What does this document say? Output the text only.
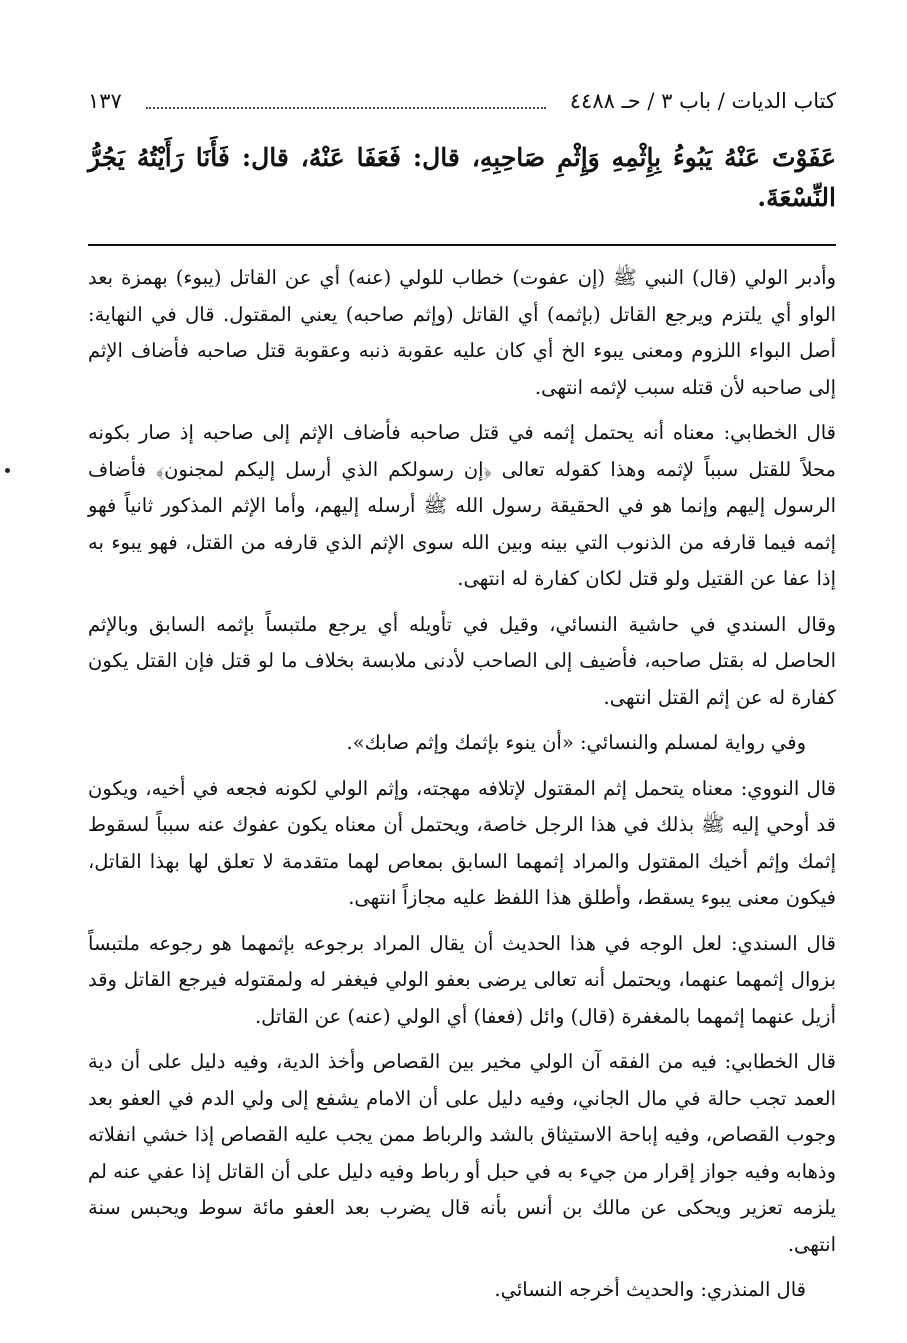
كتاب الديات / باب ٣ / حـ ٤٤٨٨
١٣٧
عَفَوْتَ عَنْهُ يَبُوءُ بِإِثْمِهِ وَإِثْمِ صَاحِبِهِ، قال: فَعَفَا عَنْهُ، قال: فَأَنَا رَأَيْتُهُ يَجُرُّ النِّسْعَةَ.

وأدبر الولي (قال) النبي ﷺ (إن عفوت) خطاب للولي (عنه) أي عن القاتل (يبوء) بهمزة بعد الواو أي يلتزم ويرجع القاتل (بإثمه) أي القاتل (وإثم صاحبه) يعني المقتول. قال في النهاية: أصل البواء اللزوم ومعنى يبوء الخ أي كان عليه عقوبة ذنبه وعقوبة قتل صاحبه فأضاف الإثم إلى صاحبه لأن قتله سبب لإثمه انتهى.

قال الخطابي: معناه أنه يحتمل إثمه في قتل صاحبه فأضاف الإثم إلى صاحبه إذ صار بكونه محلاً للقتل سبباً لإثمه وهذا كقوله تعالى ﴿إن رسولكم الذي أرسل إليكم لمجنون﴾ فأضاف الرسول إليهم وإنما هو في الحقيقة رسول الله ﷺ أرسله إليهم، وأما الإثم المذكور ثانياً فهو إثمه فيما قارفه من الذنوب التي بينه وبين الله سوى الإثم الذي قارفه من القتل، فهو يبوء به إذا عفا عن القتيل ولو قتل لكان كفارة له انتهى.

وقال السندي في حاشية النسائي، وقيل في تأويله أي يرجع ملتبساً بإثمه السابق وبالإثم الحاصل له بقتل صاحبه، فأضيف إلى الصاحب لأدنى ملابسة بخلاف ما لو قتل فإن القتل يكون كفارة له عن إثم القتل انتهى.

وفي رواية لمسلم والنسائي: «أن ينوء بإثمك وإثم صابك».

قال النووي: معناه يتحمل إثم المقتول لإتلافه مهجته، وإثم الولي لكونه فجعه في أخيه، ويكون قد أوحي إليه ﷺ بذلك في هذا الرجل خاصة، ويحتمل أن معناه يكون عفوك عنه سبباً لسقوط إثمك وإثم أخيك المقتول والمراد إثمهما السابق بمعاص لهما متقدمة لا تعلق لها بهذا القاتل، فيكون معنى يبوء يسقط، وأطلق هذا اللفظ عليه مجازاً انتهى.

قال السندي: لعل الوجه في هذا الحديث أن يقال المراد برجوعه بإثمهما هو رجوعه ملتبساً بزوال إثمهما عنهما، ويحتمل أنه تعالى يرضى بعفو الولي فيغفر له ولمقتوله فيرجع القاتل وقد أزيل عنهما إثمهما بالمغفرة (قال) وائل (فعفا) أي الولي (عنه) عن القاتل.

قال الخطابي: فيه من الفقه آن الولي مخير بين القصاص وأخذ الدية، وفيه دليل على أن دية العمد تجب حالة في مال الجاني، وفيه دليل على أن الامام يشفع إلى ولي الدم في العفو بعد وجوب القصاص، وفيه إباحة الاستيثاق بالشد والرباط ممن يجب عليه القصاص إذا خشي انفلاته وذهابه وفيه جواز إقرار من جيء به في حبل أو رباط وفيه دليل على أن القاتل إذا عفي عنه لم يلزمه تعزير ويحكى عن مالك بن أنس بأنه قال يضرب بعد العفو مائة سوط ويحبس سنة انتهى.

قال المنذري: والحديث أخرجه النسائي.
